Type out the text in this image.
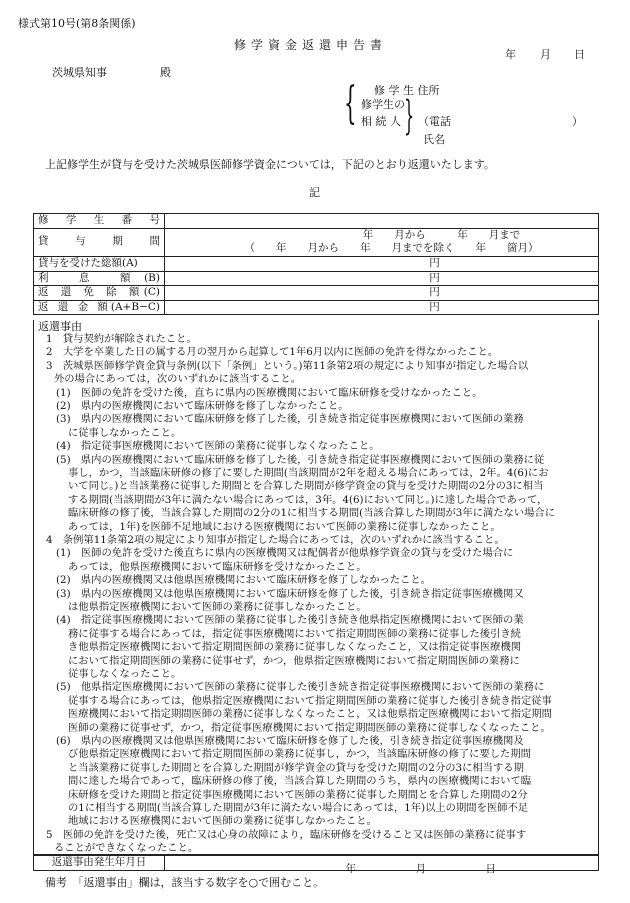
様式第10号(第8条関係)
修学資金返還申告書
年 月 日
茨城県知事	殿
修 学 生 住所
{ 修学生の
相 続 人 } （電話	）
氏名
上記修学生が貸与を受けた茨城県医師修学資金については，下記のとおり返還いたします。
記
修 学 生 番 号	
貸 与 期 間	年　　月から　　　年　　月まで
（　　年　　月から　　年　　月までを除く　　年　　箇月）

貸与を受けた総額(A)	円
利 息 額(B)	円
返 還 免 除 額(C)	円
返 還 金 額(A+B−C)	円
返還事由
1　貸与契約が解除されたこと。
2　大学を卒業した日の属する月の翌月から起算して1年6月以内に医師の免許を得なかったこと。
3　茨城県医師修学資金貸与条例(以下「条例」という。)第11条第2項の規定により知事が指定した場合以
外の場合にあっては，次のいずれかに該当すること。
(1)　医師の免許を受けた後，直ちに県内の医療機関において臨床研修を受けなかったこと。
(2)　県内の医療機関において臨床研修を修了しなかったこと。
(3)　県内の医療機関において臨床研修を修了した後，引き続き指定従事医療機関において医師の業務
に従事しなかったこと。
(4)　指定従事医療機関において医師の業務に従事しなくなったこと。
(5)　県内の医療機関において臨床研修を修了した後，引き続き指定従事医療機関において医師の業務に従
事し，かつ，当該臨床研修の修了に要した期間(当該期間が2年を超える場合にあっては，2年。4(6)にお
いて同じ。)と当該業務に従事した期間とを合算した期間が修学資金の貸与を受けた期間の2分の3に相当
する期間(当該期間が3年に満たない場合にあっては，3年。4(6)において同じ。)に達した場合であって，
臨床研修の修了後，当該合算した期間の2分の1に相当する期間(当該合算した期間が3年に満たない場合に
あっては，1年)を医師不足地域における医療機関において医師の業務に従事しなかったこと。
4　条例第11条第2項の規定により知事が指定した場合にあっては，次のいずれかに該当すること。
(1)　医師の免許を受けた後直ちに県内の医療機関又は配偶者が他県修学資金の貸与を受けた場合に
あっては，他県医療機関において臨床研修を受けなかったこと。
(2)　県内の医療機関又は他県医療機関において臨床研修を修了しなかったこと。
(3)　県内の医療機関又は他県医療機関において臨床研修を修了した後，引き続き指定従事医療機関又
は他県指定医療機関において医師の業務に従事しなかったこと。
(4)　指定従事医療機関において医師の業務に従事した後引き続き他県指定医療機関において医師の業
務に従事する場合にあっては，指定従事医療機関において指定期間医師の業務に従事した後引き続
き他県指定医療機関において指定期間医師の業務に従事しなくなったこと，又は指定従事医療機関
において指定期間医師の業務に従事せず，かつ，他県指定医療機関において指定期間医師の業務に
従事しなくなったこと。
(5)　他県指定医療機関において医師の業務に従事した後引き続き指定従事医療機関において医師の業務に
従事する場合にあっては，他県指定医療機関において指定期間医師の業務に従事した後引き続き指定従事
医療機関において指定期間医師の業務に従事しなくなったこと，又は他県指定医療機関において指定期間
医師の業務に従事せず，かつ，指定従事医療機関において指定期間医師の業務に従事しなくなったこと。
(6)　県内の医療機関又は他県医療機関において臨床研修を修了した後，引き続き指定従事医療機関及
び他県指定医療機関において指定期間医師の業務に従事し，かつ，当該臨床研修の修了に要した期間
と当該業務に従事した期間とを合算した期間が修学資金の貸与を受けた期間の2分の3に相当する期
間に達した場合であって，臨床研修の修了後，当該合算した期間のうち，県内の医療機関において臨
床研修を受けた期間と指定従事医療機関において医師の業務に従事した期間とを合算した期間の2分
の1に相当する期間(当該合算した期間が3年に満たない場合にあっては，1年)以上の期間を医師不足
地域における医療機関において医師の業務に従事しなかったこと。
5　医師の免許を受けた後，死亡又は心身の故障により，臨床研修を受けること又は医師の業務に従事す
ることができなくなったこと。
返還事由発生年月日	
年	月	日
備考　「返還事由」欄は，該当する数字を○で囲むこと。
